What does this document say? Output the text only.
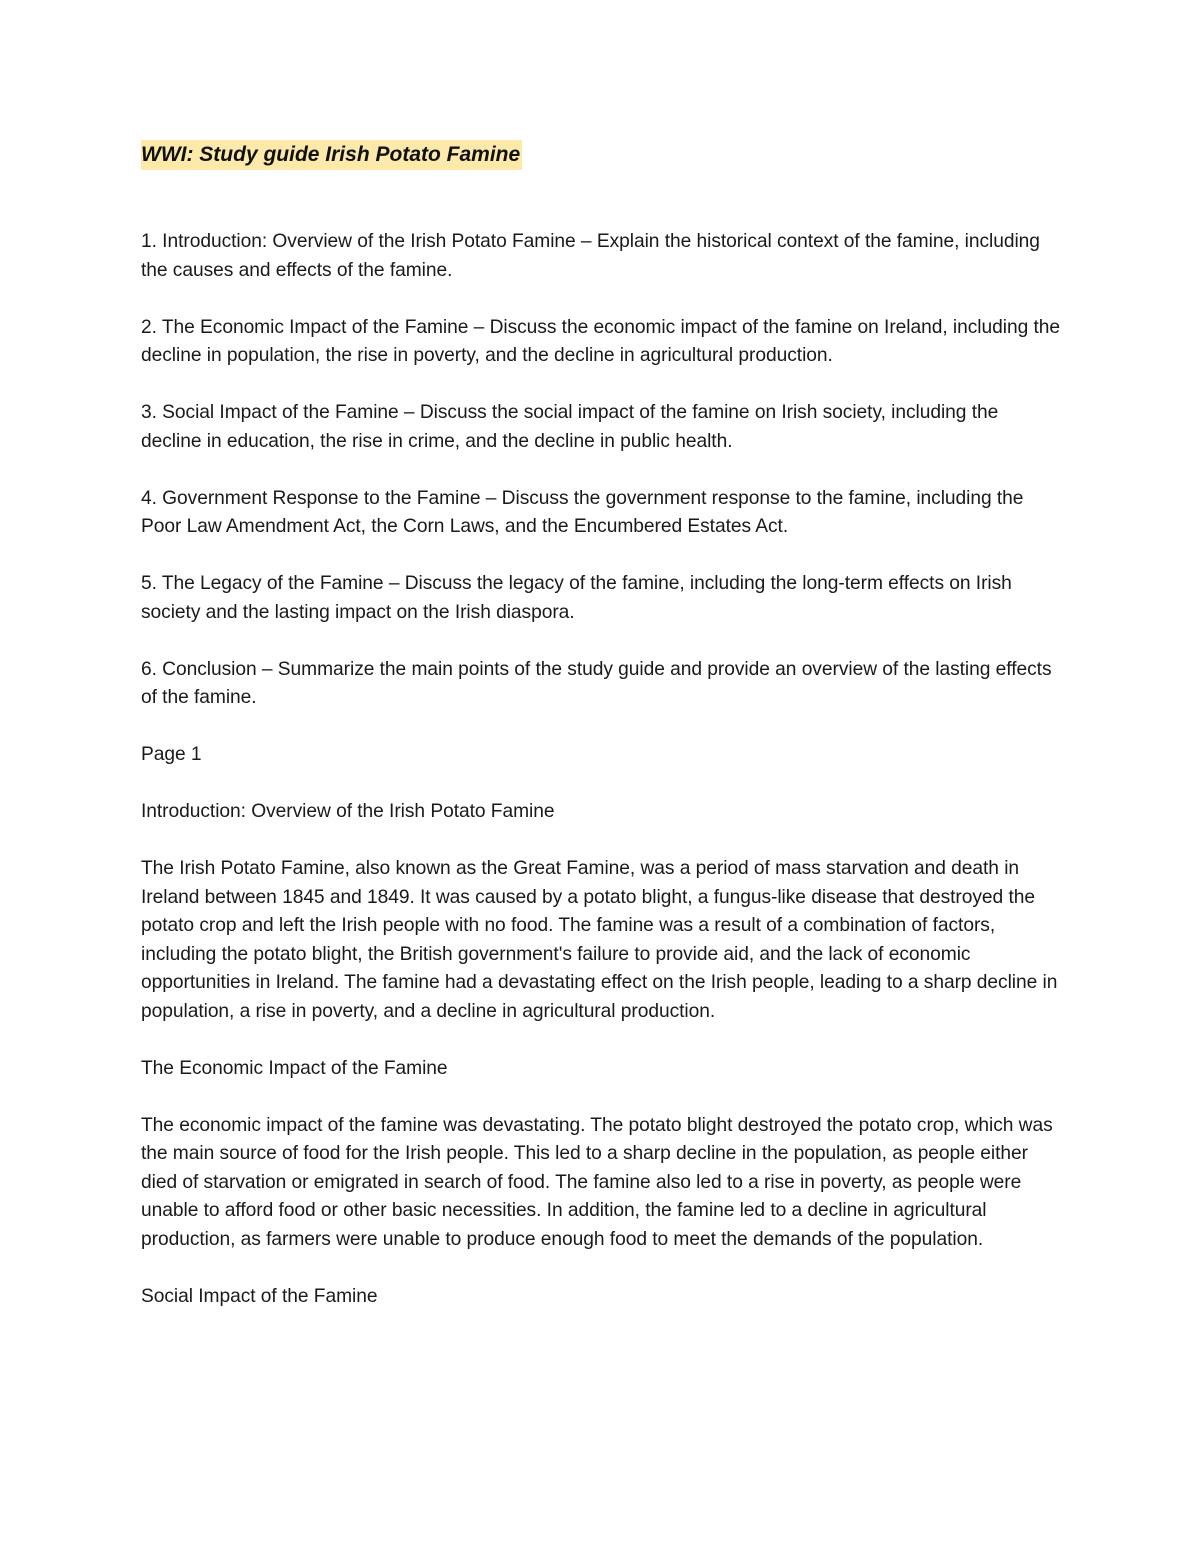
WWI: Study guide Irish Potato Famine

1. Introduction: Overview of the Irish Potato Famine – Explain the historical context of the famine, including the causes and effects of the famine.

2. The Economic Impact of the Famine – Discuss the economic impact of the famine on Ireland, including the decline in population, the rise in poverty, and the decline in agricultural production.

3. Social Impact of the Famine – Discuss the social impact of the famine on Irish society, including the decline in education, the rise in crime, and the decline in public health.

4. Government Response to the Famine – Discuss the government response to the famine, including the Poor Law Amendment Act, the Corn Laws, and the Encumbered Estates Act.

5. The Legacy of the Famine – Discuss the legacy of the famine, including the long-term effects on Irish society and the lasting impact on the Irish diaspora.

6. Conclusion – Summarize the main points of the study guide and provide an overview of the lasting effects of the famine.

Page 1

Introduction: Overview of the Irish Potato Famine

The Irish Potato Famine, also known as the Great Famine, was a period of mass starvation and death in Ireland between 1845 and 1849. It was caused by a potato blight, a fungus-like disease that destroyed the potato crop and left the Irish people with no food. The famine was a result of a combination of factors, including the potato blight, the British government's failure to provide aid, and the lack of economic opportunities in Ireland. The famine had a devastating effect on the Irish people, leading to a sharp decline in population, a rise in poverty, and a decline in agricultural production.

The Economic Impact of the Famine

The economic impact of the famine was devastating. The potato blight destroyed the potato crop, which was the main source of food for the Irish people. This led to a sharp decline in the population, as people either died of starvation or emigrated in search of food. The famine also led to a rise in poverty, as people were unable to afford food or other basic necessities. In addition, the famine led to a decline in agricultural production, as farmers were unable to produce enough food to meet the demands of the population.

Social Impact of the Famine
